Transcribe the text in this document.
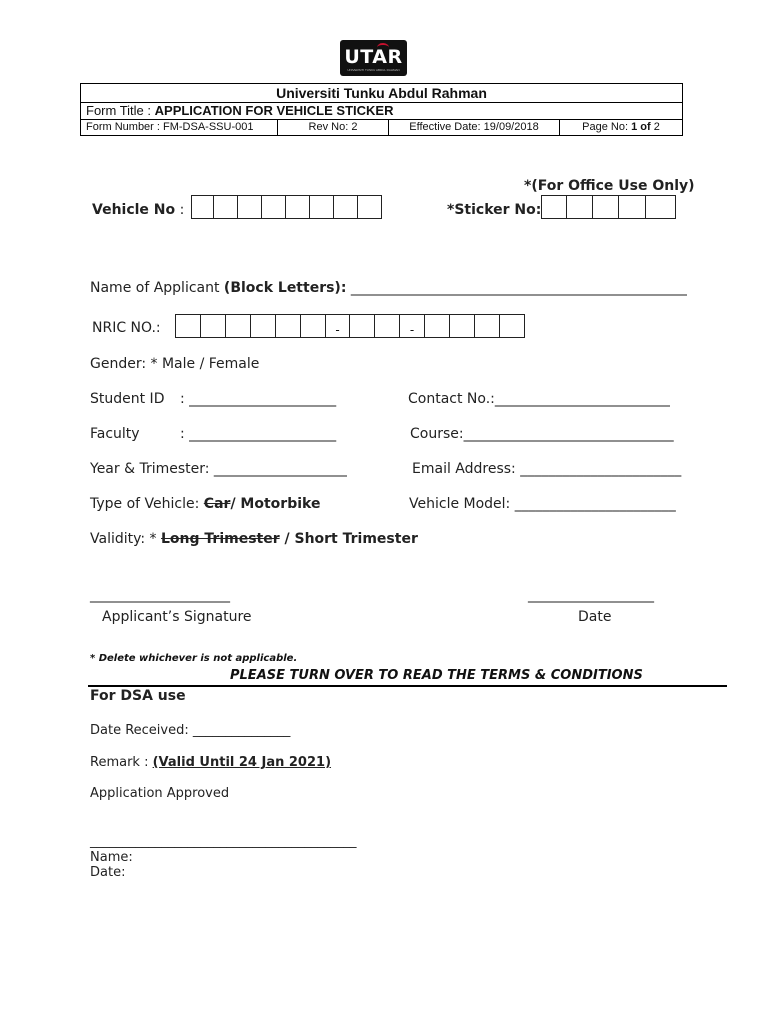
UTAR
UNIVERSITI TUNKU ABDUL RAHMAN
Universiti Tunku Abdul Rahman
Form Title : APPLICATION FOR VEHICLE STICKER
Form Number : FM-DSA-SSU-001	Rev No: 2	Effective Date: 19/09/2018	Page No: 1 of 2
*(For Office Use Only)
Vehicle No :	*Sticker No:
Name of Applicant (Block Letters): ________________________________________________
NRIC NO.:	-	-
Gender: * Male / Female
Student ID : _____________________	Contact No.:_________________________
Faculty	: _____________________	Course:______________________________
Year & Trimester: ___________________	Email Address: _______________________
Type of Vehicle: Car/ Motorbike	Vehicle Model: _______________________
Validity: * Long Trimester / Short Trimester
____________________	__________________
Applicant’s Signature	Date
* Delete whichever is not applicable.
PLEASE TURN OVER TO READ THE TERMS & CONDITIONS
For DSA use
Date Received: _______________
Remark : (Valid Until 24 Jan 2021)
Application Approved
_________________________________________
Name:
Date:
